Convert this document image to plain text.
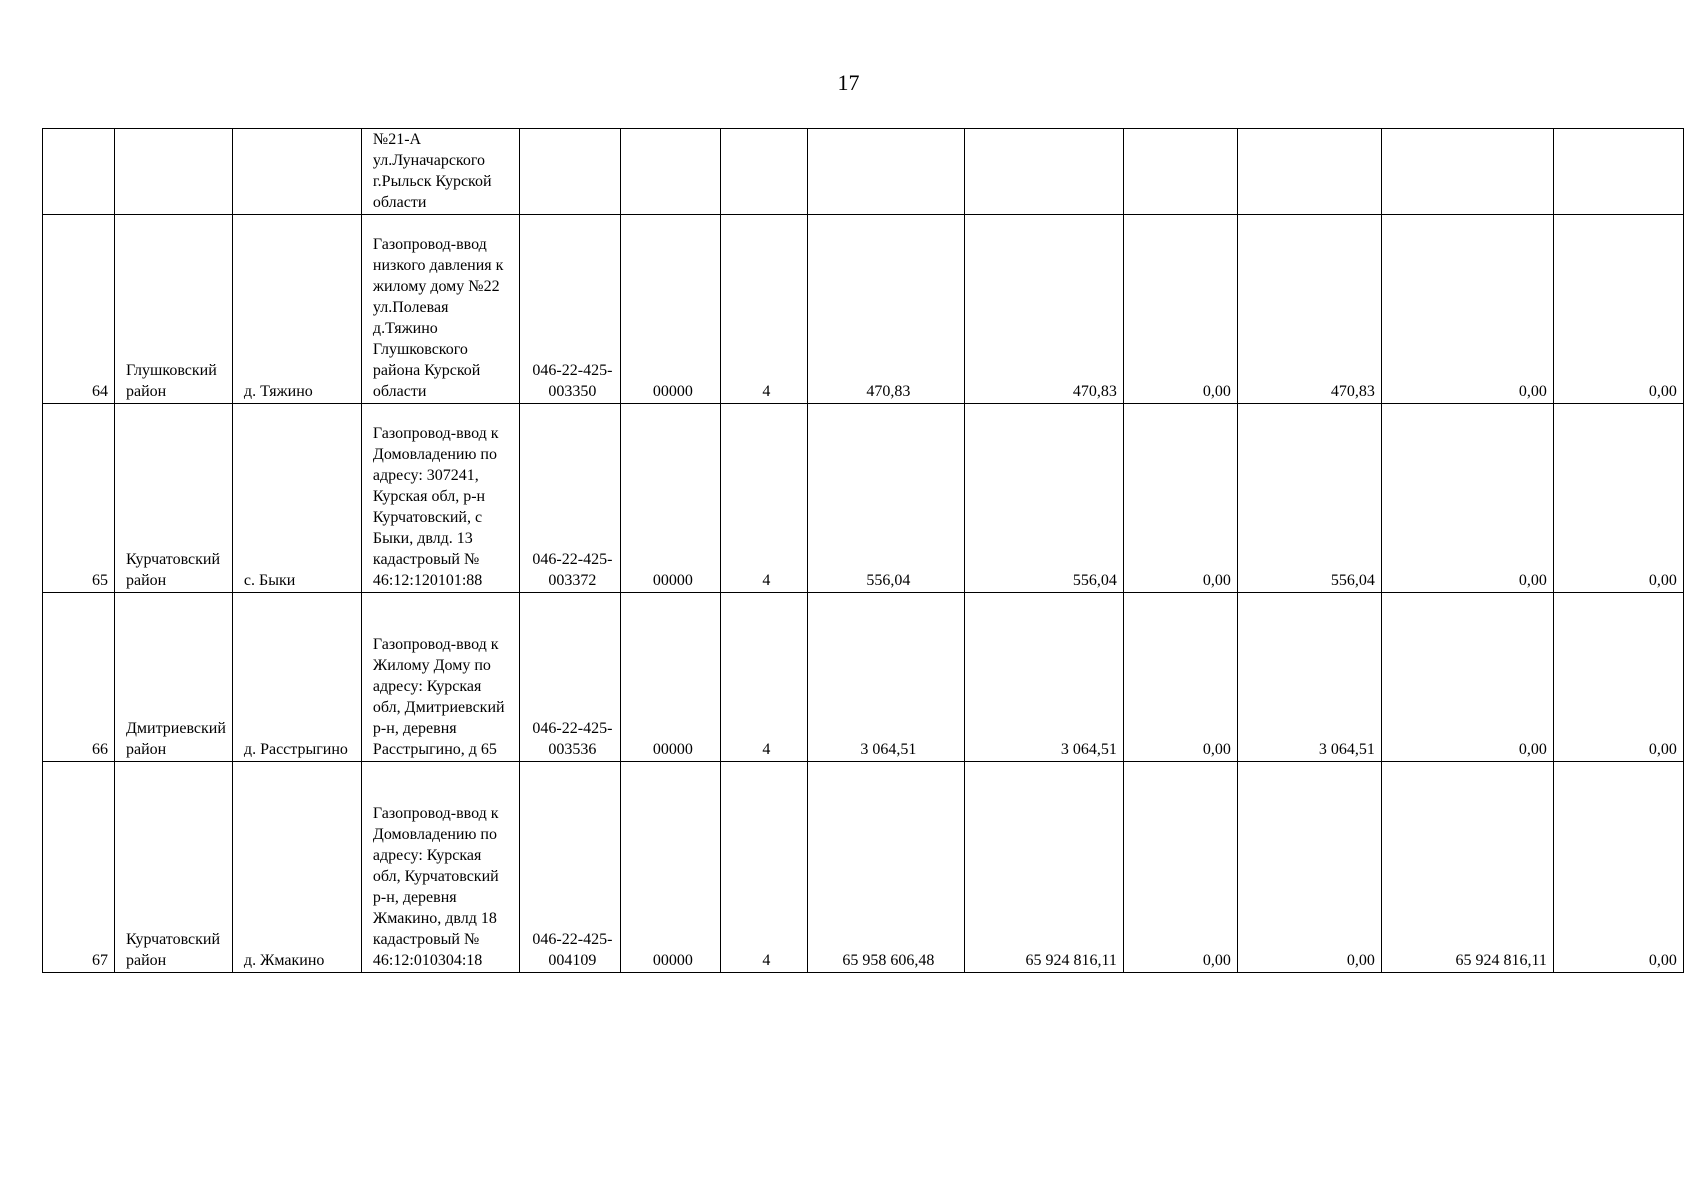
17
			№21-А ул.Луначарского г.Рыльск Курской области									
64	Глушковский район	д. Тяжино	Газопровод-ввод низкого давления к жилому дому №22 ул.Полевая д.Тяжино Глушковского района Курской области	046-22-425-003350	00000	4	470,83	470,83	0,00	470,83	0,00	0,00
65	Курчатовский район	с. Быки	Газопровод-ввод к Домовладению по адресу: 307241, Курская обл, р-н Курчатовский, с Быки, двлд. 13 кадастровый № 46:12:120101:88	046-22-425-003372	00000	4	556,04	556,04	0,00	556,04	0,00	0,00
66	Дмитриевский район	д. Расстрыгино	Газопровод-ввод к Жилому Дому по адресу: Курская обл, Дмитриевский р-н, деревня Расстрыгино, д 65	046-22-425-003536	00000	4	3 064,51	3 064,51	0,00	3 064,51	0,00	0,00
67	Курчатовский район	д. Жмакино	Газопровод-ввод к Домовладению по адресу: Курская обл, Курчатовский р-н, деревня Жмакино, двлд 18 кадастровый № 46:12:010304:18	046-22-425-004109	00000	4	65 958 606,48	65 924 816,11	0,00	0,00	65 924 816,11	0,00
